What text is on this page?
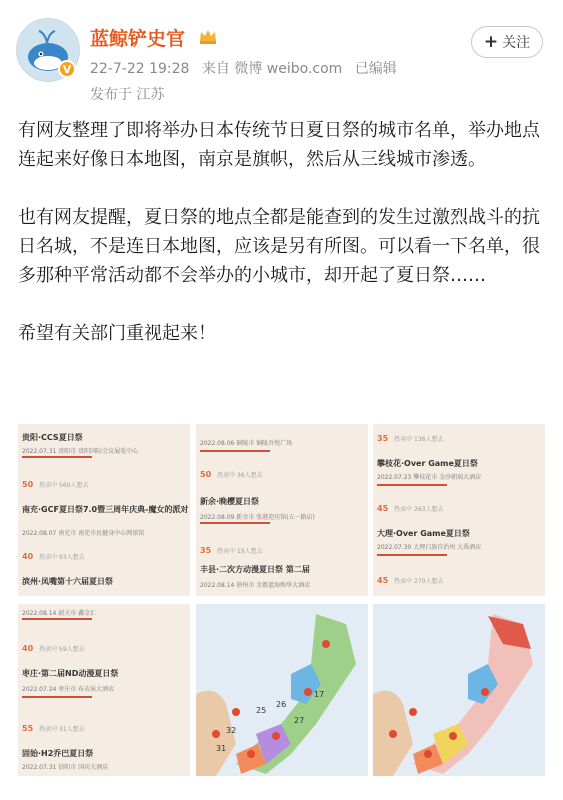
V
蓝鲸铲史官
22-7-22 19:28 来自 微博 weibo.com 已编辑
发布于 江苏
+ 关注

有网友整理了即将举办日本传统节日夏日祭的城市名单，举办地点连起来好像日本地图，南京是旗帜，然后从三线城市渗透。

也有网友提醒，夏日祭的地点全都是能查到的发生过激烈战斗的抗日名城，不是连日本地图，应该是另有所图。可以看一下名单，很多那种平常活动都不会举办的小城市，却开起了夏日祭……

希望有关部门重视起来！

贵阳·CCS夏日祭
2022.07.31 贵阳市 贵阳国际会议展览中心
50 热卖中 560人想去
南充·GCF夏日祭7.0暨三周年庆典-魔女的派对
2022.08.07 南充市 南充市民健身中心网球馆
40 热卖中 93人想去
滨州·凤嘴第十六届夏日祭
2022.08.06 铜陵市 铜陵吾悦广场
50 热卖中 36人想去
新余·晚樱夏日祭
2022.08.09 新余市 张港迎宾馆(五一路店)
35 热卖中 19人想去
丰县·二次方动漫夏日祭 第二届
2022.08.14 徐州市 金都蓝海购华大酒店
35 热卖中 136人想去
攀枝花·Over Game夏日祭
2022.07.23 攀枝花市 金沙朝瑞大酒店
45 热卖中 263人想去
大理·Over Game夏日祭
2022.07.30 大理白族自治州 大禹酒店
45 热卖中 270人想去
2022.08.14 韶关市 鑫金汇
40 热卖中 59人想去
枣庄·第二届ND动漫夏日祭
2022.07.24 枣庄市 布衣侯大酒店
55 热卖中 31人想去
固始·H2乔巴夏日祭
2022.07.31 信阳市 国宾大酒店
32
25
26
17
27
31
